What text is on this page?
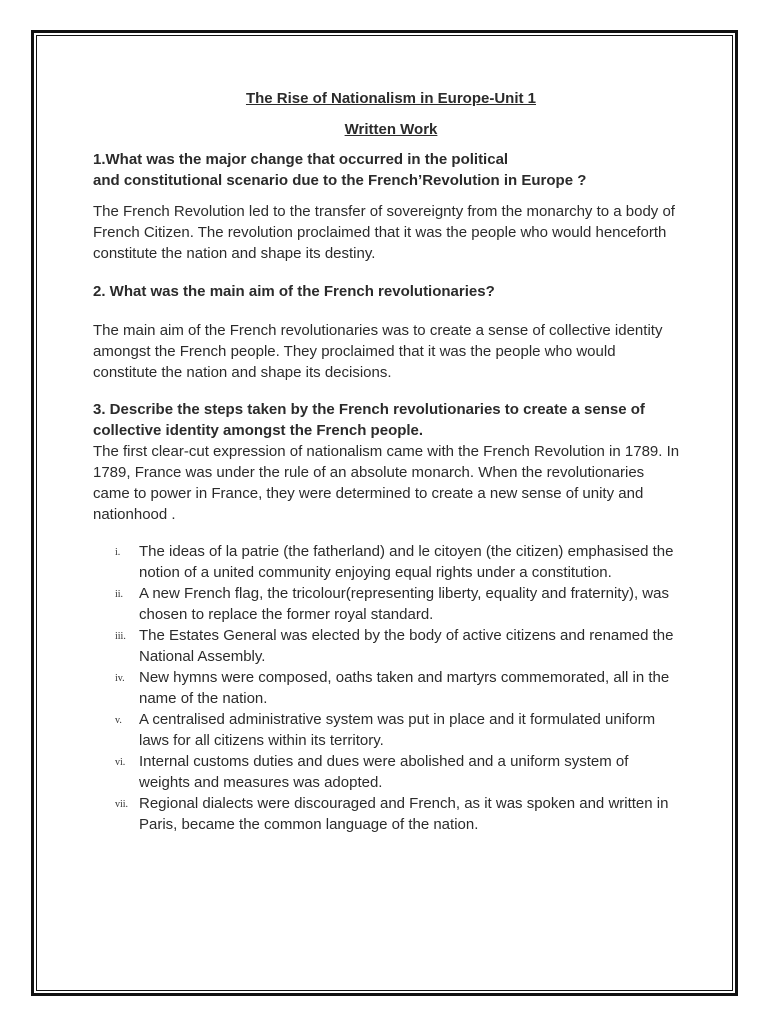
The Rise of Nationalism in Europe-Unit 1

Written Work

1.What was the major change that occurred in the political
and constitutional scenario due to the French’Revolution in Europe ?

The French Revolution led to the transfer of sovereignty from the monarchy to a body of French Citizen. The revolution proclaimed that it was the people who would henceforth constitute the nation and shape its destiny.

2. What was the main aim of the French revolutionaries?

The main aim of the French revolutionaries was to create a sense of collective identity amongst the French people. They proclaimed that it was the people who would constitute the nation and shape its decisions.

3. Describe the steps taken by the French revolutionaries to create a sense of collective identity amongst the French people.

The first clear-cut expression of nationalism came with the French Revolution in 1789. In 1789, France was under the rule of an absolute monarch. When the revolutionaries came to power in France, they were determined to create a new sense of unity and nationhood .

i. The ideas of la patrie (the fatherland) and le citoyen (the citizen) emphasised the notion of a united community enjoying equal rights under a constitution.
ii. A new French flag, the tricolour(representing liberty, equality and fraternity), was chosen to replace the former royal standard.
iii. The Estates General was elected by the body of active citizens and renamed the National Assembly.
iv. New hymns were composed, oaths taken and martyrs commemorated, all in the name of the nation.
v. A centralised administrative system was put in place and it formulated uniform laws for all citizens within its territory.
vi. Internal customs duties and dues were abolished and a uniform system of weights and measures was adopted.
vii. Regional dialects were discouraged and French, as it was spoken and written in Paris, became the common language of the nation.
